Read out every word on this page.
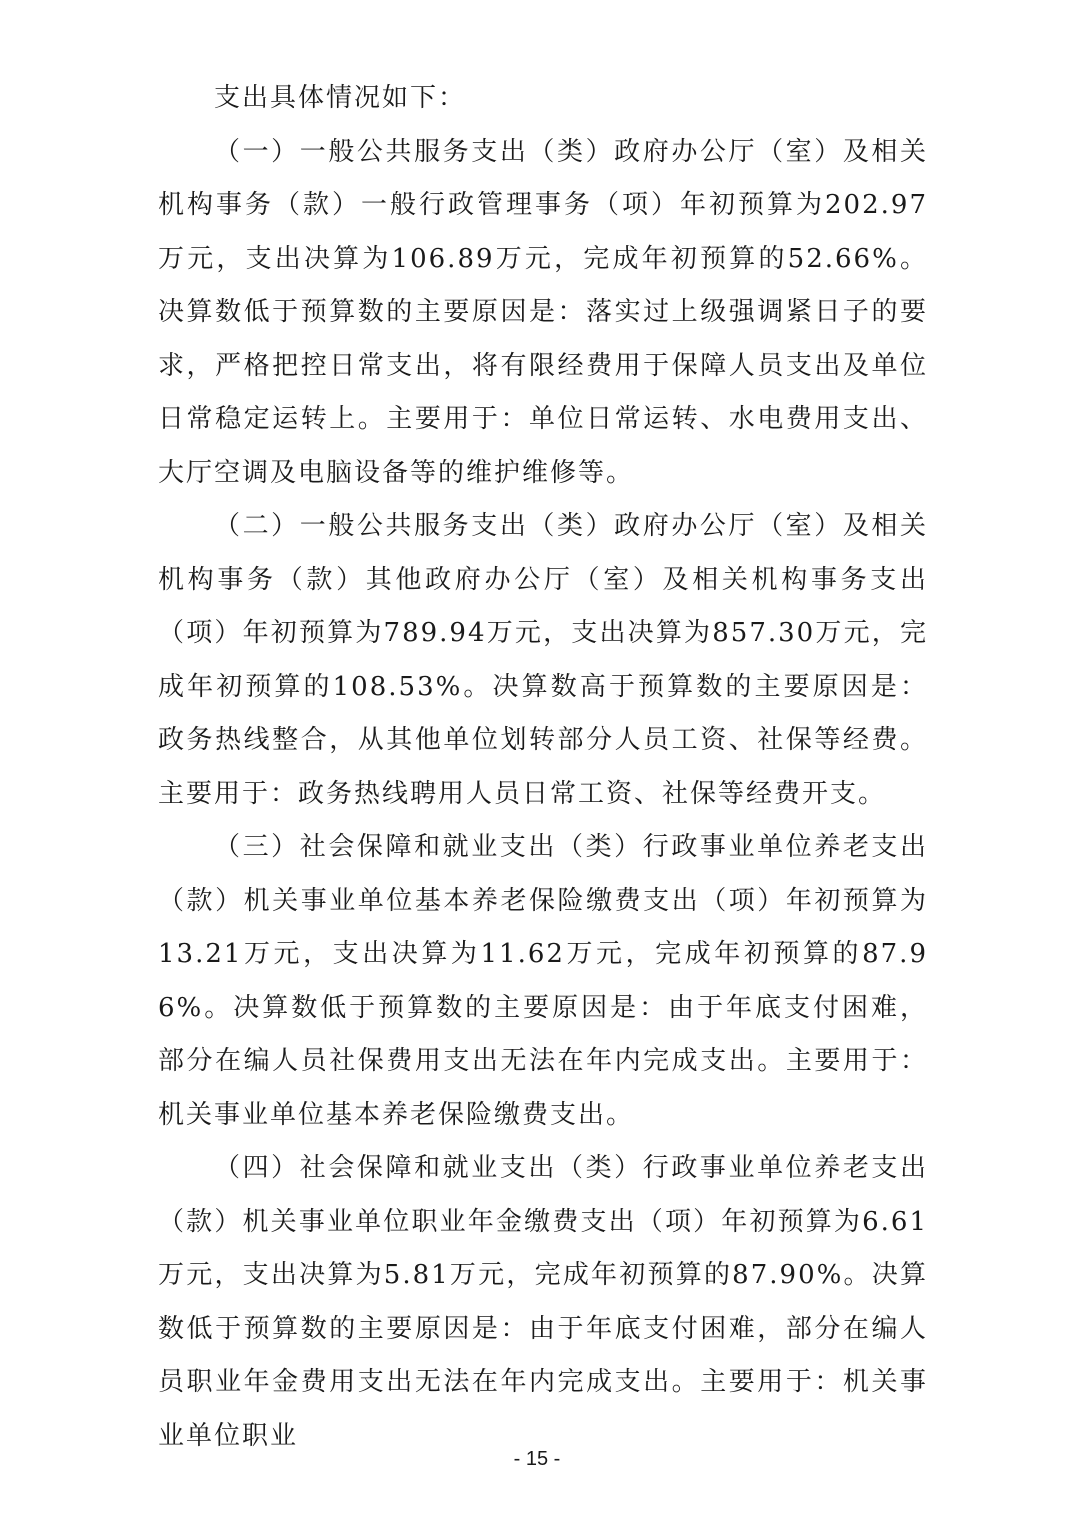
支出具体情况如下：

（一）一般公共服务支出（类）政府办公厅（室）及相关机构事务（款）一般行政管理事务（项）年初预算为202.97万元，支出决算为106.89万元，完成年初预算的52.66%。决算数低于预算数的主要原因是：落实过上级强调紧日子的要求，严格把控日常支出，将有限经费用于保障人员支出及单位日常稳定运转上。主要用于：单位日常运转、水电费用支出、大厅空调及电脑设备等的维护维修等。

（二）一般公共服务支出（类）政府办公厅（室）及相关机构事务（款）其他政府办公厅（室）及相关机构事务支出（项）年初预算为789.94万元，支出决算为857.30万元，完成年初预算的108.53%。决算数高于预算数的主要原因是：政务热线整合，从其他单位划转部分人员工资、社保等经费。主要用于：政务热线聘用人员日常工资、社保等经费开支。

（三）社会保障和就业支出（类）行政事业单位养老支出（款）机关事业单位基本养老保险缴费支出（项）年初预算为13.21万元，支出决算为11.62万元，完成年初预算的87.96%。决算数低于预算数的主要原因是：由于年底支付困难，部分在编人员社保费用支出无法在年内完成支出。主要用于：机关事业单位基本养老保险缴费支出。

（四）社会保障和就业支出（类）行政事业单位养老支出（款）机关事业单位职业年金缴费支出（项）年初预算为6.61万元，支出决算为5.81万元，完成年初预算的87.90%。决算数低于预算数的主要原因是：由于年底支付困难，部分在编人员职业年金费用支出无法在年内完成支出。主要用于：机关事业单位职业

- 15 -
